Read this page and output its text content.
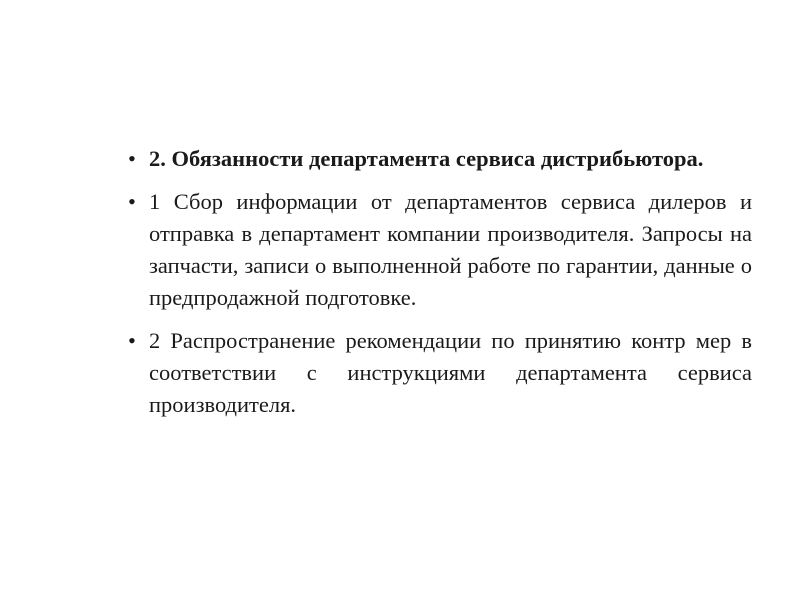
• 2. Обязанности департамента сервиса дистрибьютора.
• 1 Сбор информации от департаментов сервиса дилеров и отправка в департамент компании производителя. Запросы на запчасти, записи о выполненной работе по гарантии, данные о предпродажной подготовке.
• 2 Распространение рекомендации по принятию контр мер в соответствии с инструкциями департамента сервиса производителя.
